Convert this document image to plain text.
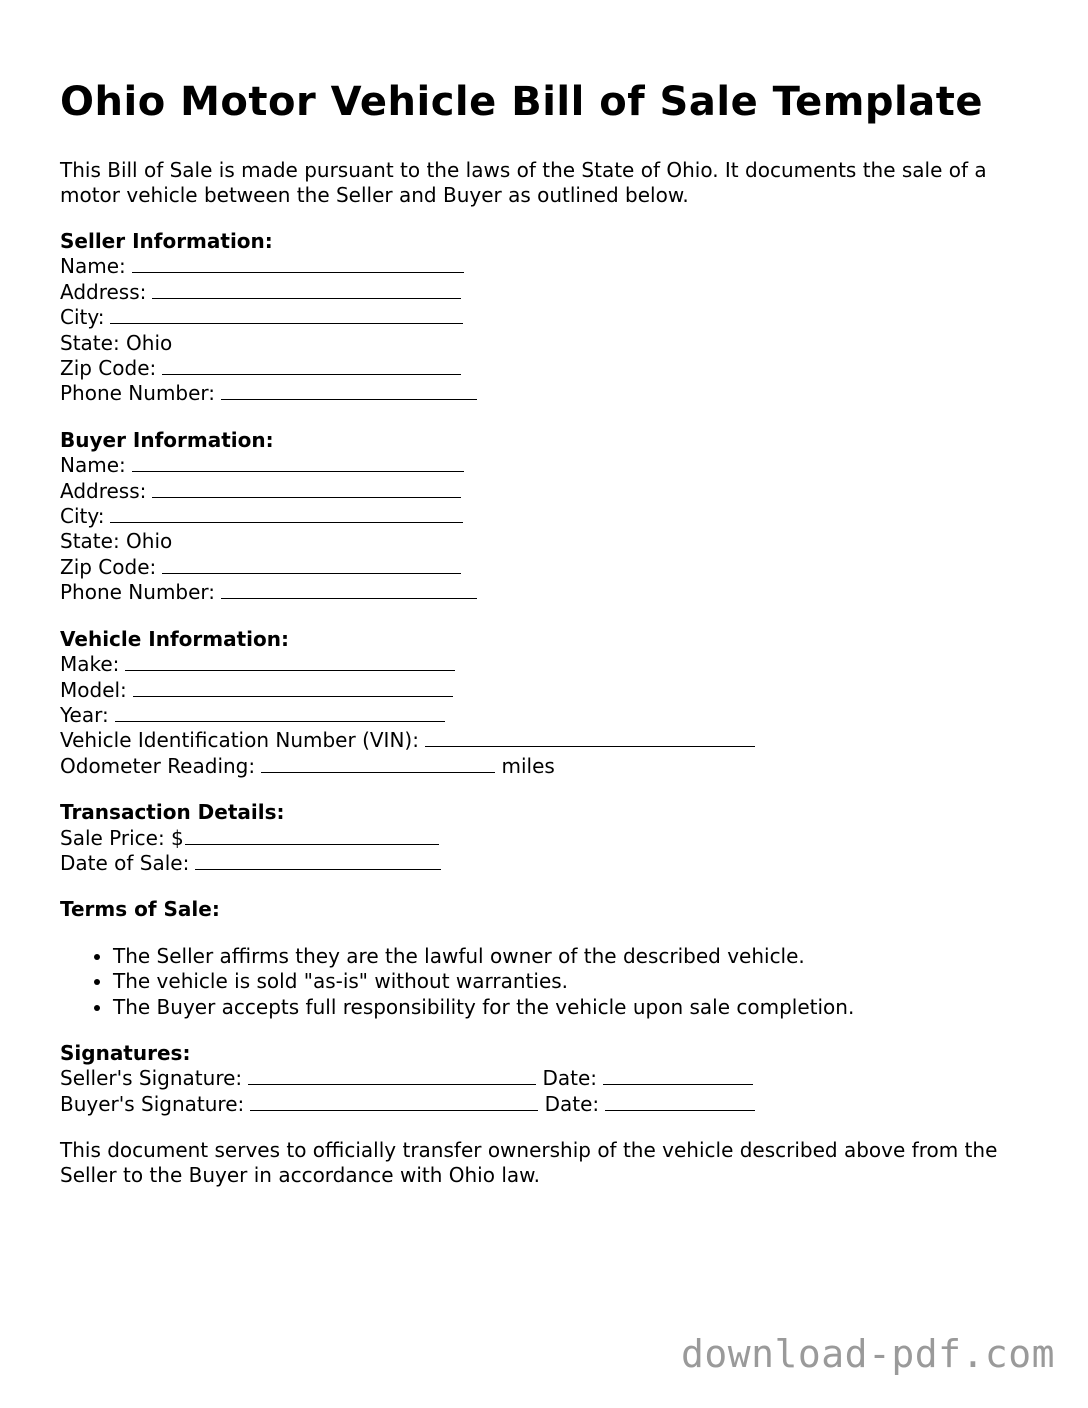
Ohio Motor Vehicle Bill of Sale Template

This Bill of Sale is made pursuant to the laws of the State of Ohio. It documents the sale of a motor vehicle between the Seller and Buyer as outlined below.

Seller Information:
Name:
Address:
City:
State: Ohio
Zip Code:
Phone Number:
Buyer Information:
Name:
Address:
City:
State: Ohio
Zip Code:
Phone Number:
Vehicle Information:
Make:
Model:
Year:
Vehicle Identification Number (VIN):
Odometer Reading:	miles
Transaction Details:
Sale Price: $
Date of Sale:
Terms of Sale:
• The Seller affirms they are the lawful owner of the described vehicle.
• The vehicle is sold "as-is" without warranties.
• The Buyer accepts full responsibility for the vehicle upon sale completion.
Signatures:
Seller's Signature:	Date:
Buyer's Signature:	Date:

This document serves to officially transfer ownership of the vehicle described above from the Seller to the Buyer in accordance with Ohio law.

download-pdf.com
